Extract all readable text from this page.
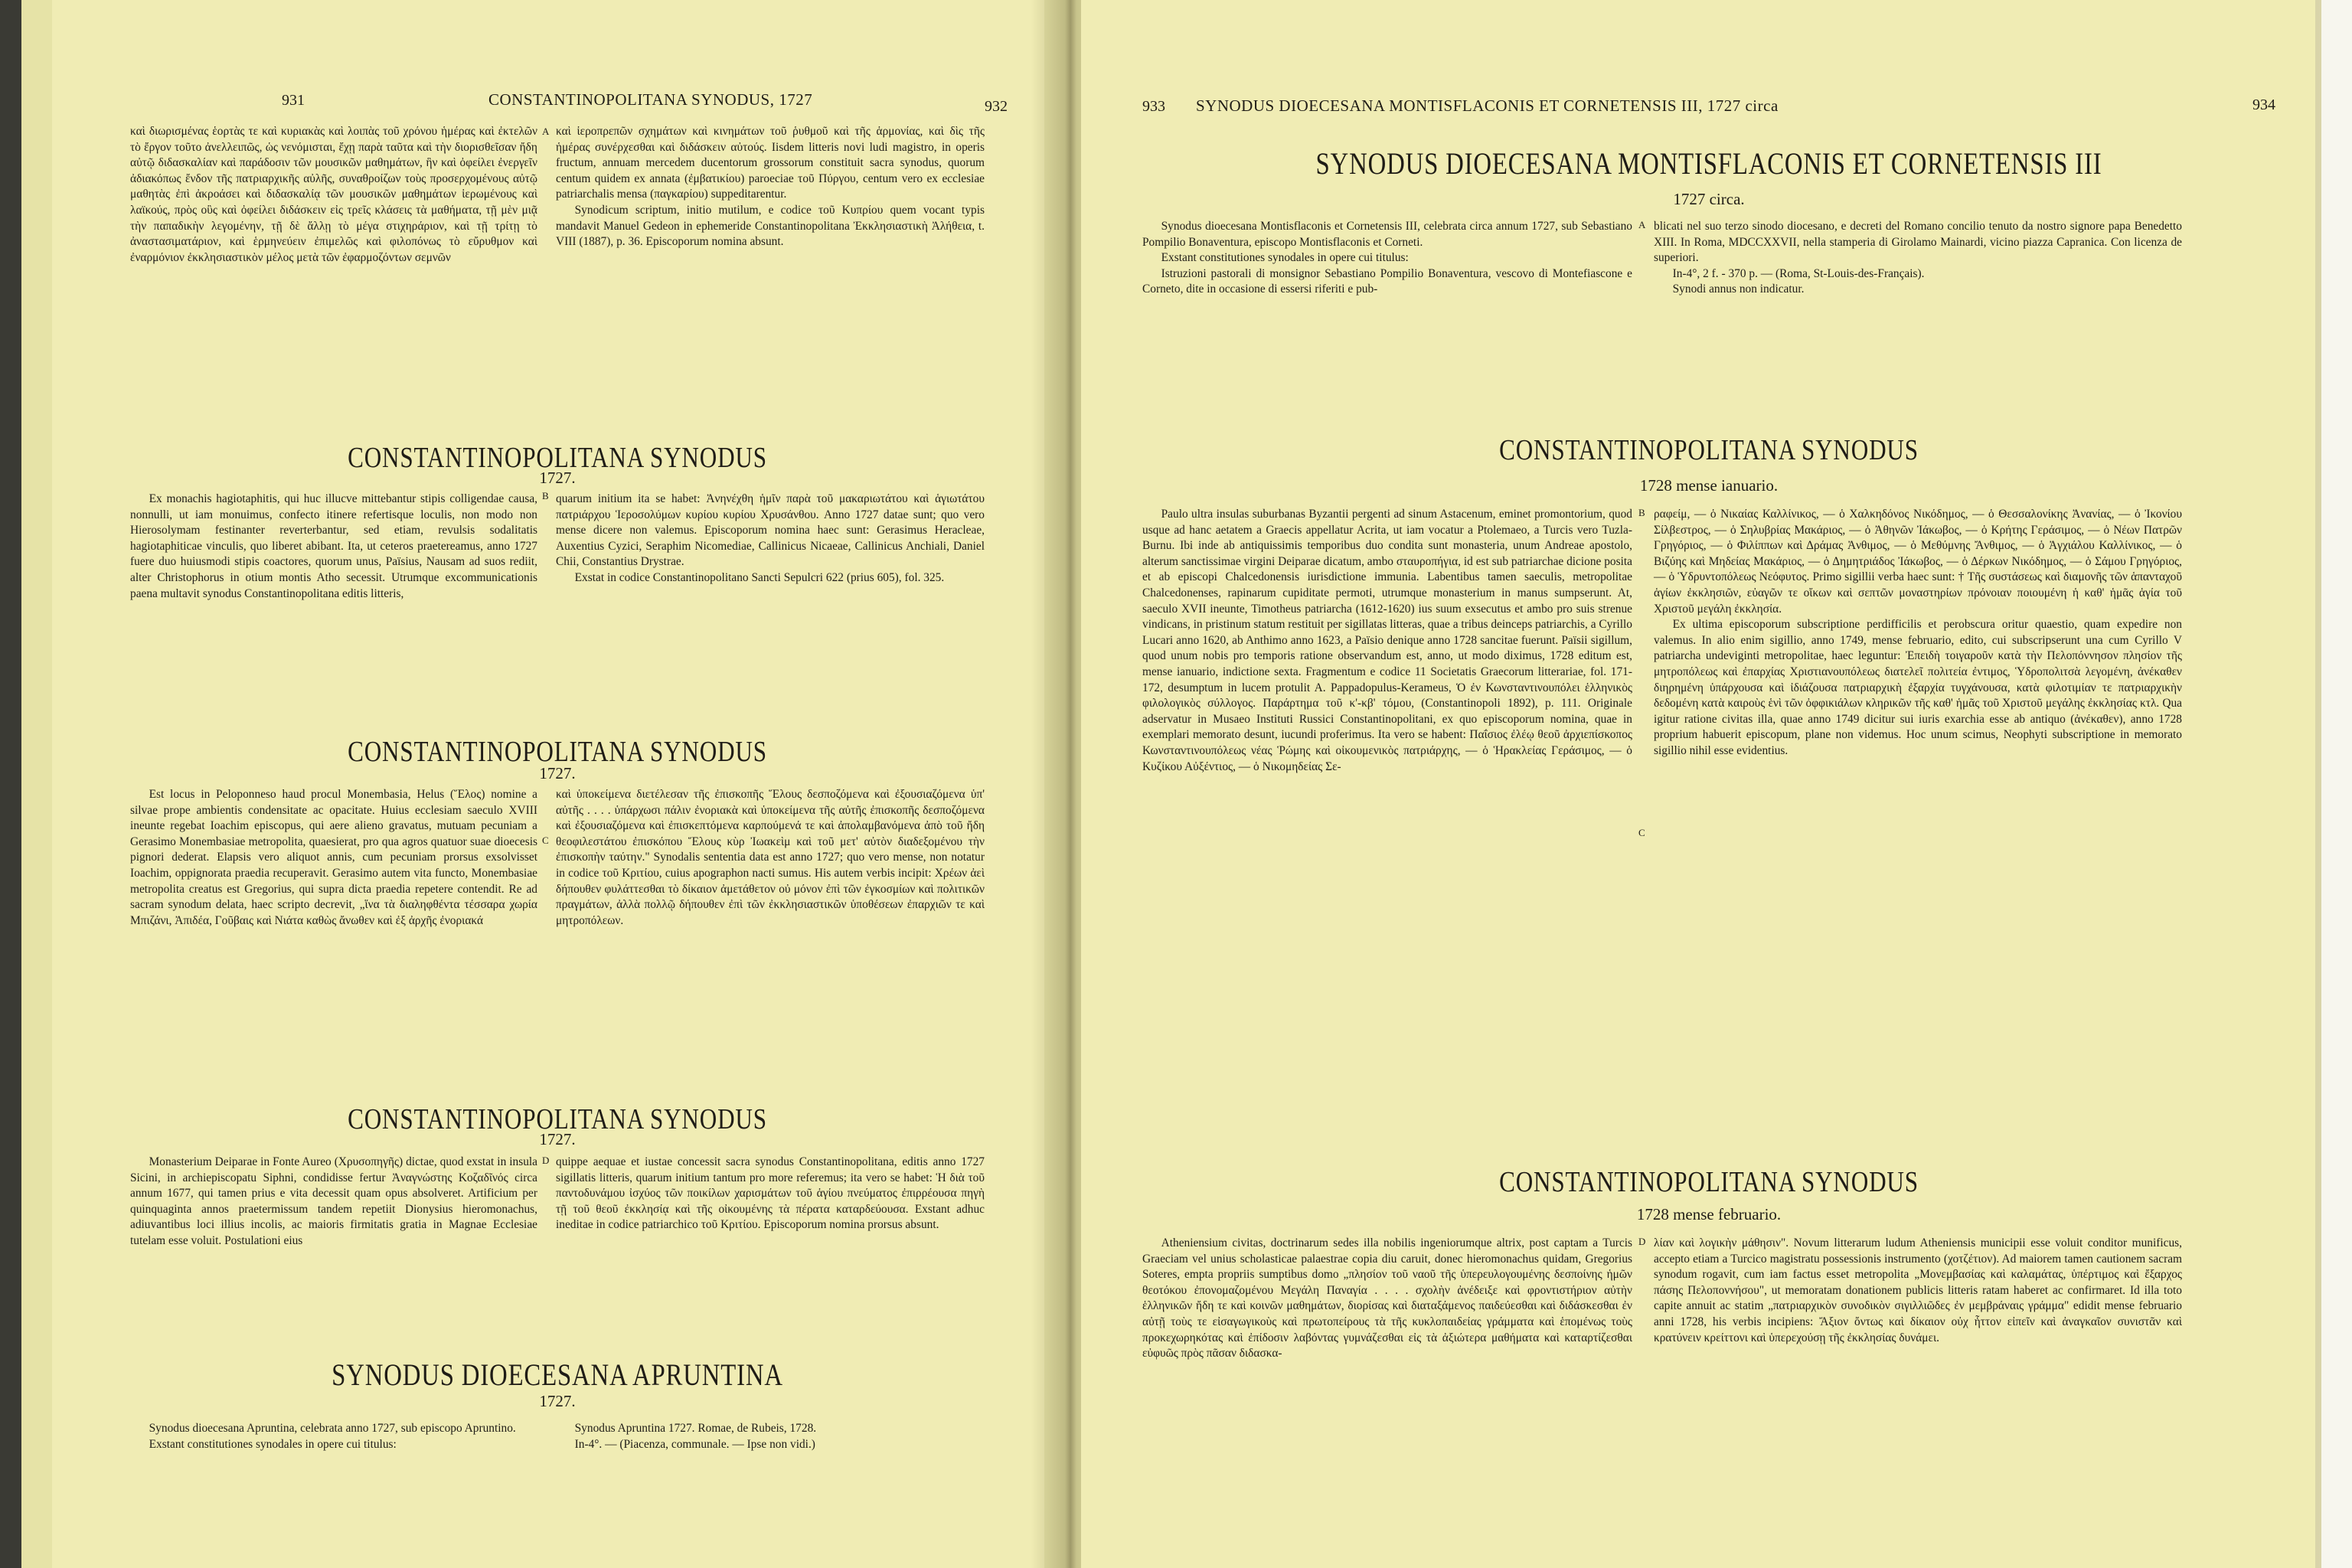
931	CONSTANTINOPOLITANA SYNODUS, 1727	932

καὶ διωρισμένας ἑορτὰς τε καὶ κυριακὰς καὶ λοιπὰς τοῦ χρόνου ἡμέρας καὶ ἐκτελῶν τὸ ἔργον τοῦτο ἀνελλειπῶς, ὡς νενόμισται, ἔχῃ παρὰ ταῦτα καὶ τὴν διορισθεῖσαν ἤδη αὐτῷ διδασκαλίαν καὶ παράδοσιν τῶν μουσικῶν μαθημάτων, ἣν καὶ ὀφείλει ἐνεργεῖν ἀδιακόπως ἔνδον τῆς πατριαρχικῆς αὐλῆς, συναθροίζων τοὺς προσερχομένους αὐτῷ μαθητὰς ἐπὶ ἀκροάσει καὶ διδασκαλίᾳ τῶν μουσικῶν μαθημάτων ἱερωμένους καὶ λαϊκούς, πρὸς οὓς καὶ ὀφείλει διδάσκειν εἰς τρεῖς κλάσεις τὰ μαθήματα, τῇ μὲν μιᾷ τὴν παπαδικὴν λεγομένην, τῇ δὲ ἄλλῃ τὸ μέγα στιχηράριον, καὶ τῇ τρίτῃ τὸ ἀναστασιματάριον, καὶ ἑρμηνεύειν ἐπιμελῶς καὶ φιλοπόνως τὸ εὔρυθμον καὶ ἐναρμόνιον ἐκκλησιαστικὸν μέλος μετὰ τῶν ἐφαρμοζόντων σεμνῶν

A καὶ ἱεροπρεπῶν σχημάτων καὶ κινημάτων τοῦ ῥυθμοῦ καὶ τῆς ἁρμονίας, καὶ δὶς τῆς ἡμέρας συνέρχεσθαι καὶ διδάσκειν αὐτούς. Iisdem litteris novi ludi magistro, in operis fructum, annuam mercedem ducentorum grossorum constituit sacra synodus, quorum centum quidem ex annata (ἐμβατικίου) paroeciae τοῦ Πύργου, centum vero ex ecclesiae patriarchalis mensa (παγκαρίου) suppeditarentur.

Synodicum scriptum, initio mutilum, e codice τοῦ Κυπρίου quem vocant typis mandavit Manuel Gedeon in ephemeride Constantinopolitana Ἐκκλησιαστικὴ Ἀλήθεια, t. VIII (1887), p. 36. Episcoporum nomina absunt.

CONSTANTINOPOLITANA SYNODUS
1727.

Ex monachis hagiotaphitis, qui huc illucve mittebantur stipis colligendae causa, nonnulli, ut iam monuimus, confecto itinere refertisque loculis, non modo non Hierosolymam festinanter reverterbantur, sed etiam, revulsis sodalitatis hagiotaphiticae vinculis, quo liberet abibant. Ita, ut ceteros praetereamus, anno 1727 fuere duo huiusmodi stipis coactores, quorum unus, Païsius, Nausam ad suos rediit, alter Christophorus in otium montis Atho secessit. Utrumque excommunicationis paena multavit synodus Constantinopolitana editis litteris,

B quarum initium ita se habet: Ἀνηνέχθη ἡμῖν παρὰ τοῦ μακαριωτάτου καὶ ἁγιωτάτου πατριάρχου Ἱεροσολύμων κυρίου κυρίου Χρυσάνθου. Anno 1727 datae sunt; quo vero mense dicere non valemus. Episcoporum nomina haec sunt: Gerasimus Heracleae, Auxentius Cyzici, Seraphim Nicomediae, Callinicus Nicaeae, Callinicus Anchiali, Daniel Chii, Constantius Drystrae.

Exstat in codice Constantinopolitano Sancti Sepulcri 622 (prius 605), fol. 325.

CONSTANTINOPOLITANA SYNODUS
1727.

Est locus in Peloponneso haud procul Monembasia, Helus (Ἕλος) nomine a silvae prope ambientis condensitate ac opacitate. Huius ecclesiam saeculo XVIII ineunte regebat Ioachim episcopus, qui aere alieno gravatus, mutuam pecuniam a Gerasimo Monembasiae metropolita, quaesierat, pro qua agros quatuor suae dioecesis pignori dederat. Elapsis vero aliquot annis, cum pecuniam prorsus exsolvisset Ioachim, oppignorata praedia recuperavit. Gerasimo autem vita functo, Monembasiae metropolita creatus est Gregorius, qui supra dicta praedia repetere contendit. Re ad sacram synodum delata, haec scripto decrevit, „ἵνα τὰ διαληφθέντα τέσσαρα χωρία Μπιζάνι, Ἀπιδέα, Γοῦβαις καὶ Νιάτα καθὼς ἄνωθεν καὶ ἐξ ἀρχῆς ἐνοριακά

C

καὶ ὑποκείμενα διετέλεσαν τῆς ἐπισκοπῆς Ἕλους δεσποζόμενα καὶ ἐξουσιαζόμενα ὑπ' αὐτῆς . . . . ὑπάρχωσι πάλιν ἐνοριακὰ καὶ ὑποκείμενα τῆς αὐτῆς ἐπισκοπῆς δεσποζόμενα καὶ ἐξουσιαζόμενα καὶ ἐπισκεπτόμενα καρπούμενά τε καὶ ἀπολαμβανόμενα ἀπὸ τοῦ ἤδη θεοφιλεστάτου ἐπισκόπου Ἕλους κὺρ Ἰωακεὶμ καὶ τοῦ μετ' αὐτὸν διαδεξομένου τὴν ἐπισκοπὴν ταύτην." Synodalis sententia data est anno 1727; quo vero mense, non notatur in codice τοῦ Κριτίου, cuius apographon nacti sumus. His autem verbis incipit: Χρέων ἀεὶ δήπουθεν φυλάττεσθαι τὸ δίκαιον ἀμετάθετον οὐ μόνον ἐπὶ τῶν ἐγκοσμίων καὶ πολιτικῶν πραγμάτων, ἀλλὰ πολλῷ δήπουθεν ἐπὶ τῶν ἐκκλησιαστικῶν ὑποθέσεων ἐπαρχιῶν τε καὶ μητροπόλεων.

CONSTANTINOPOLITANA SYNODUS
1727.

Monasterium Deiparae in Fonte Aureo (Χρυσοπηγῆς) dictae, quod exstat in insula Sicini, in archiepiscopatu Siphni, condidisse fertur Ἀναγνώστης Κοζαδῖνός circa annum 1677, qui tamen prius e vita decessit quam opus absolveret. Artificium per quinquaginta annos praetermissum tandem repetiit Dionysius hieromonachus, adiuvantibus loci illius incolis, ac maioris firmitatis gratia in Magnae Ecclesiae tutelam esse voluit. Postulationi eius

D quippe aequae et iustae concessit sacra synodus Constantinopolitana, editis anno 1727 sigillatis litteris, quarum initium tantum pro more referemus; ita vero se habet: Ἡ διὰ τοῦ παντοδυνάμου ἰσχύος τῶν ποικίλων χαρισμάτων τοῦ ἁγίου πνεύματος ἐπιρρέουσα πηγὴ τῇ τοῦ θεοῦ ἐκκλησίᾳ καὶ τῆς οἰκουμένης τὰ πέρατα καταρδεύουσα. Exstant adhuc ineditae in codice patriarchico τοῦ Κριτίου. Episcoporum nomina prorsus absunt.

SYNODUS DIOECESANA APRUNTINA
1727.

Synodus dioecesana Apruntina, celebrata anno 1727, sub episcopo Apruntino.

Exstant constitutiones synodales in opere cui titulus:

Synodus Apruntina 1727. Romae, de Rubeis, 1728.

In-4°. — (Piacenza, communale. — Ipse non vidi.)

933 SYNODUS DIOECESANA MONTISFLACONIS ET CORNETENSIS III, 1727 circa	934
SYNODUS DIOECESANA MONTISFLACONIS ET CORNETENSIS III
1727 circa.

Synodus dioecesana Montisflaconis et Cornetensis III, celebrata circa annum 1727, sub Sebastiano Pompilio Bonaventura, episcopo Montisflaconis et Corneti.

Exstant constitutiones synodales in opere cui titulus:

Istruzioni pastorali di monsignor Sebastiano Pompilio Bonaventura, vescovo di Montefiascone e Corneto, dite in occasione di essersi riferiti e pub-

A blicati nel suo terzo sinodo diocesano, e decreti del Romano concilio tenuto da nostro signore papa Benedetto XIII. In Roma, MDCCXXVII, nella stamperia di Girolamo Mainardi, vicino piazza Capranica. Con licenza de superiori.

In-4°, 2 f. - 370 p. — (Roma, St-Louis-des-Français).

Synodi annus non indicatur.

CONSTANTINOPOLITANA SYNODUS
1728 mense ianuario.

Paulo ultra insulas suburbanas Byzantii pergenti ad sinum Astacenum, eminet promontorium, quod usque ad hanc aetatem a Graecis appellatur Acrita, ut iam vocatur a Ptolemaeo, a Turcis vero Tuzla-Burnu. Ibi inde ab antiquissimis temporibus duo condita sunt monasteria, unum Andreae apostolo, alterum sanctissimae virgini Deiparae dicatum, ambo σταυροπήγια, id est sub patriarchae dicione posita et ab episcopi Chalcedonensis iurisdictione immunia. Labentibus tamen saeculis, metropolitae Chalcedonenses, rapinarum cupiditate permoti, utrumque monasterium in manus sumpserunt. At, saeculo XVII ineunte, Timotheus patriarcha (1612-1620) ius suum exsecutus et ambo pro suis strenue vindicans, in pristinum statum restituit per sigillatas litteras, quae a tribus deinceps patriarchis, a Cyrillo Lucari anno 1620, ab Anthimo anno 1623, a Païsio denique anno 1728 sancitae fuerunt. Païsii sigillum, quod unum nobis pro temporis ratione observandum est, anno, ut modo diximus, 1728 editum est, mense ianuario, indictione sexta. Fragmentum e codice 11 Societatis Graecorum litterariae, fol. 171-172, desumptum in lucem protulit A. Pappadopulus-Kerameus, Ὁ ἐν Κωνσταντινουπόλει ἑλληνικὸς φιλολογικὸς σύλλογος. Παράρτημα τοῦ κ'-κβ' τόμου, (Constantinopoli 1892), p. 111. Originale adservatur in Musaeo Instituti Russici Constantinopolitani, ex quo episcoporum nomina, quae in exemplari memorato desunt, iucundi proferimus. Ita vero se habent: Παΐσιος ἐλέῳ θεοῦ ἀρχιεπίσκοπος Κωνσταντινουπόλεως νέας Ῥώμης καὶ οἰκουμενικὸς πατριάρχης, — ὁ Ἡρακλείας Γεράσιμος, — ὁ Κυζίκου Αὐξέντιος, — ὁ Νικομηδείας Σε-

B ραφείμ, — ὁ Νικαίας Καλλίνικος, — ὁ Χαλκηδόνος Νικόδημος, — ὁ Θεσσαλονίκης Ἀνανίας, — ὁ Ἰκονίου Σίλβεστρος, — ὁ Σηλυβρίας Μακάριος, — ὁ Ἀθηνῶν Ἰάκωβος, — ὁ Κρήτης Γεράσιμος, — ὁ Νέων Πατρῶν Γρηγόριος, — ὁ Φιλίππων καὶ Δράμας Ἀνθιμος, — ὁ Μεθύμνης Ἄνθιμος, — ὁ Ἀγχιάλου Καλλίνικος, — ὁ Βιζύης καὶ Μηδείας Μακάριος, — ὁ Δημητριάδος Ἰάκωβος, — ὁ Δέρκων Νικόδημος, — ὁ Σάμου Γρηγόριος, — ὁ Ὑδρυντοπόλεως Νεόφυτος. Primo sigillii verba haec sunt: † Τῆς συστάσεως καὶ διαμονῆς τῶν ἁπανταχοῦ ἁγίων ἐκκλησιῶν, εὐαγῶν τε οἴκων καὶ σεπτῶν μοναστηρίων πρόνοιαν ποιουμένη ἡ καθ' ἡμᾶς ἁγία τοῦ Χριστοῦ μεγάλη ἐκκλησία.

Ex ultima episcoporum subscriptione perdifficilis et perobscura oritur quaestio, quam expedire non valemus. In alio enim sigillio, anno 1749, mense februario, edito, cui subscripserunt una cum Cyrillo V patriarcha undeviginti metropolitae, haec leguntur: Ἐπειδὴ τοιγαροῦν κατὰ τὴν Πελοπόννησον πλησίον τῆς μητροπόλεως καὶ ἐπαρχίας Χριστιανουπόλεως διατελεῖ πολιτεία ἐντιμος, Ὑδροπολιτσὰ λεγομένη, ἀνέκαθεν διηρημένη ὑπάρχουσα καὶ ἰδιάζουσα πατριαρχικὴ ἐξαρχία τυγχάνουσα, κατὰ φιλοτιμίαν τε πατριαρχικὴν δεδομένη κατὰ καιροὺς ἑνὶ τῶν ὀφφικιάλων κληρικῶν τῆς καθ' ἡμᾶς τοῦ Χριστοῦ μεγάλης ἐκκλησίας κτλ. Qua igitur ratione civitas illa, quae anno 1749 dicitur sui iuris exarchia esse ab antiquo (ἀνέκαθεν), anno 1728 proprium habuerit episcopum, plane non videmus. Hoc unum scimus, Neophyti subscriptione in memorato sigillio nihil esse evidentius.

C
CONSTANTINOPOLITANA SYNODUS
1728 mense februario.

Atheniensium civitas, doctrinarum sedes illa nobilis ingeniorumque altrix, post captam a Turcis Graeciam vel unius scholasticae palaestrae copia diu caruit, donec hieromonachus quidam, Gregorius Soteres, empta propriis sumptibus domo „πλησίον τοῦ ναοῦ τῆς ὑπερευλογουμένης δεσποίνης ἡμῶν θεοτόκου ἐπονομαζομένου Μεγάλη Παναγία . . . . σχολὴν ἀνέδειξε καὶ φροντιστήριον αὐτὴν ἑλληνικῶν ἤδη τε καὶ κοινῶν μαθημάτων, διορίσας καὶ διαταξάμενος παιδεύεσθαι καὶ διδάσκεσθαι ἐν αὐτῇ τοὺς τε εἰσαγωγικοὺς καὶ πρωτοπείρους τὰ τῆς κυκλοπαιδείας γράμματα καὶ ἑπομένως τοὺς προκεχωρηκότας καὶ ἐπίδοσιν λαβόντας γυμνάζεσθαι εἰς τὰ ἀξιώτερα μαθήματα καὶ καταρτίζεσθαι εὐφυῶς πρὸς πᾶσαν διδασκα-

D λίαν καὶ λογικὴν μάθησιν". Novum litterarum ludum Atheniensis municipii esse voluit conditor munificus, accepto etiam a Turcico magistratu possessionis instrumento (χοτζέτιον). Ad maiorem tamen cautionem sacram synodum rogavit, cum iam factus esset metropolita „Μονεμβασίας καὶ καλαμάτας, ὑπέρτιμος καὶ ἔξαρχος πάσης Πελοποννήσου", ut memoratam donationem publicis litteris ratam haberet ac confirmaret. Id illa toto capite annuit ac statim „πατριαρχικὸν συνοδικὸν σιγιλλιῶδες ἐν μεμβράναις γράμμα" edidit mense februario anni 1728, his verbis incipiens: Ἄξιον ὄντως καὶ δίκαιον οὐχ ἧττον εἰπεῖν καὶ ἀναγκαῖον συνιστᾶν καὶ κρατύνειν κρείττονι καὶ ὑπερεχούσῃ τῆς ἐκκλησίας δυνάμει.
